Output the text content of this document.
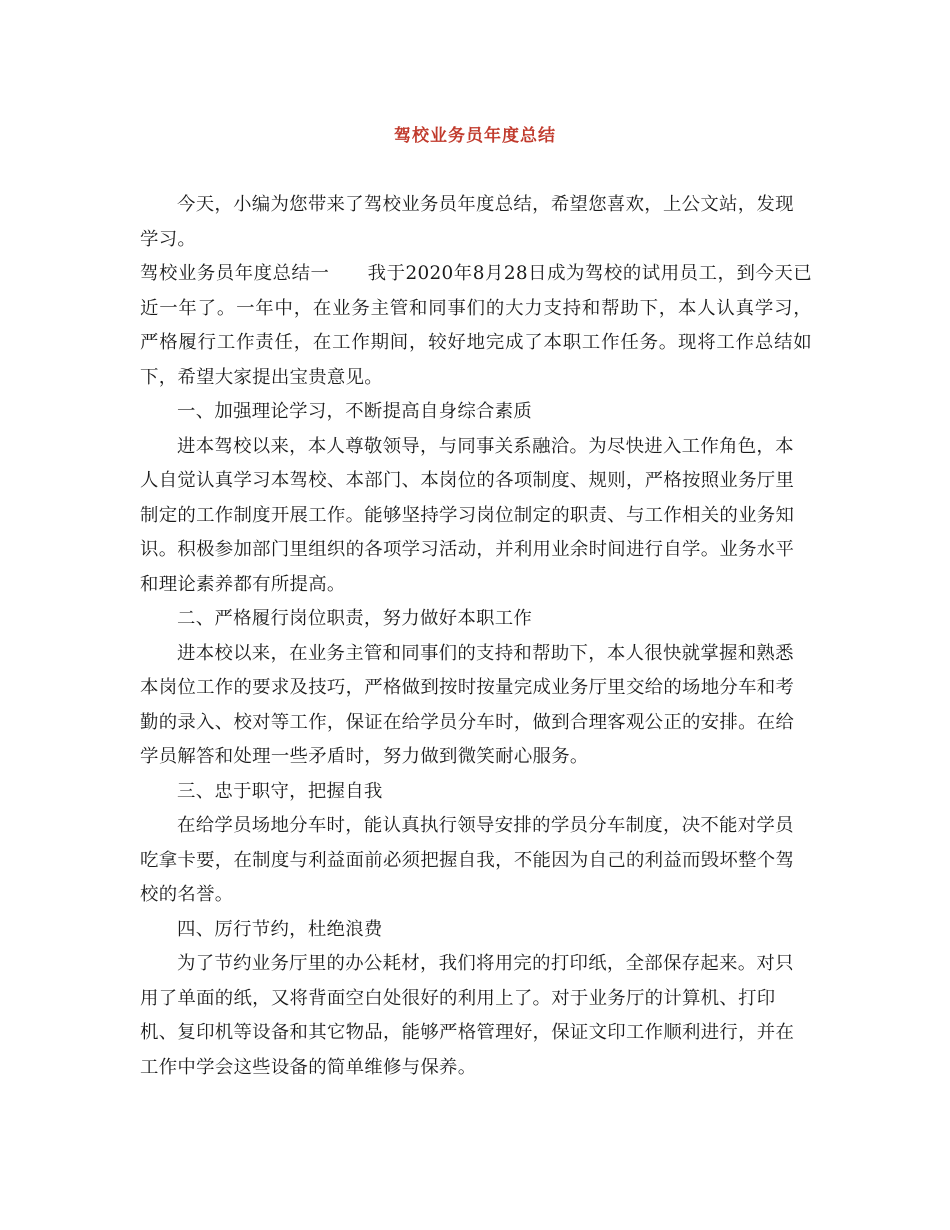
驾校业务员年度总结

今天，小编为您带来了驾校业务员年度总结，希望您喜欢，上公文站，发现学习。

驾校业务员年度总结一 我于2020年8月28日成为驾校的试用员工，到今天已近一年了。一年中，在业务主管和同事们的大力支持和帮助下，本人认真学习，严格履行工作责任，在工作期间，较好地完成了本职工作任务。现将工作总结如下，希望大家提出宝贵意见。

一、加强理论学习，不断提高自身综合素质

进本驾校以来，本人尊敬领导，与同事关系融洽。为尽快进入工作角色，本人自觉认真学习本驾校、本部门、本岗位的各项制度、规则，严格按照业务厅里制定的工作制度开展工作。能够坚持学习岗位制定的职责、与工作相关的业务知识。积极参加部门里组织的各项学习活动，并利用业余时间进行自学。业务水平和理论素养都有所提高。

二、严格履行岗位职责，努力做好本职工作

进本校以来，在业务主管和同事们的支持和帮助下，本人很快就掌握和熟悉本岗位工作的要求及技巧，严格做到按时按量完成业务厅里交给的场地分车和考勤的录入、校对等工作，保证在给学员分车时，做到合理客观公正的安排。在给学员解答和处理一些矛盾时，努力做到微笑耐心服务。

三、忠于职守，把握自我

在给学员场地分车时，能认真执行领导安排的学员分车制度，决不能对学员吃拿卡要，在制度与利益面前必须把握自我，不能因为自己的利益而毁坏整个驾校的名誉。

四、厉行节约，杜绝浪费

为了节约业务厅里的办公耗材，我们将用完的打印纸，全部保存起来。对只用了单面的纸，又将背面空白处很好的利用上了。对于业务厅的计算机、打印机、复印机等设备和其它物品，能够严格管理好，保证文印工作顺利进行，并在工作中学会这些设备的简单维修与保养。
